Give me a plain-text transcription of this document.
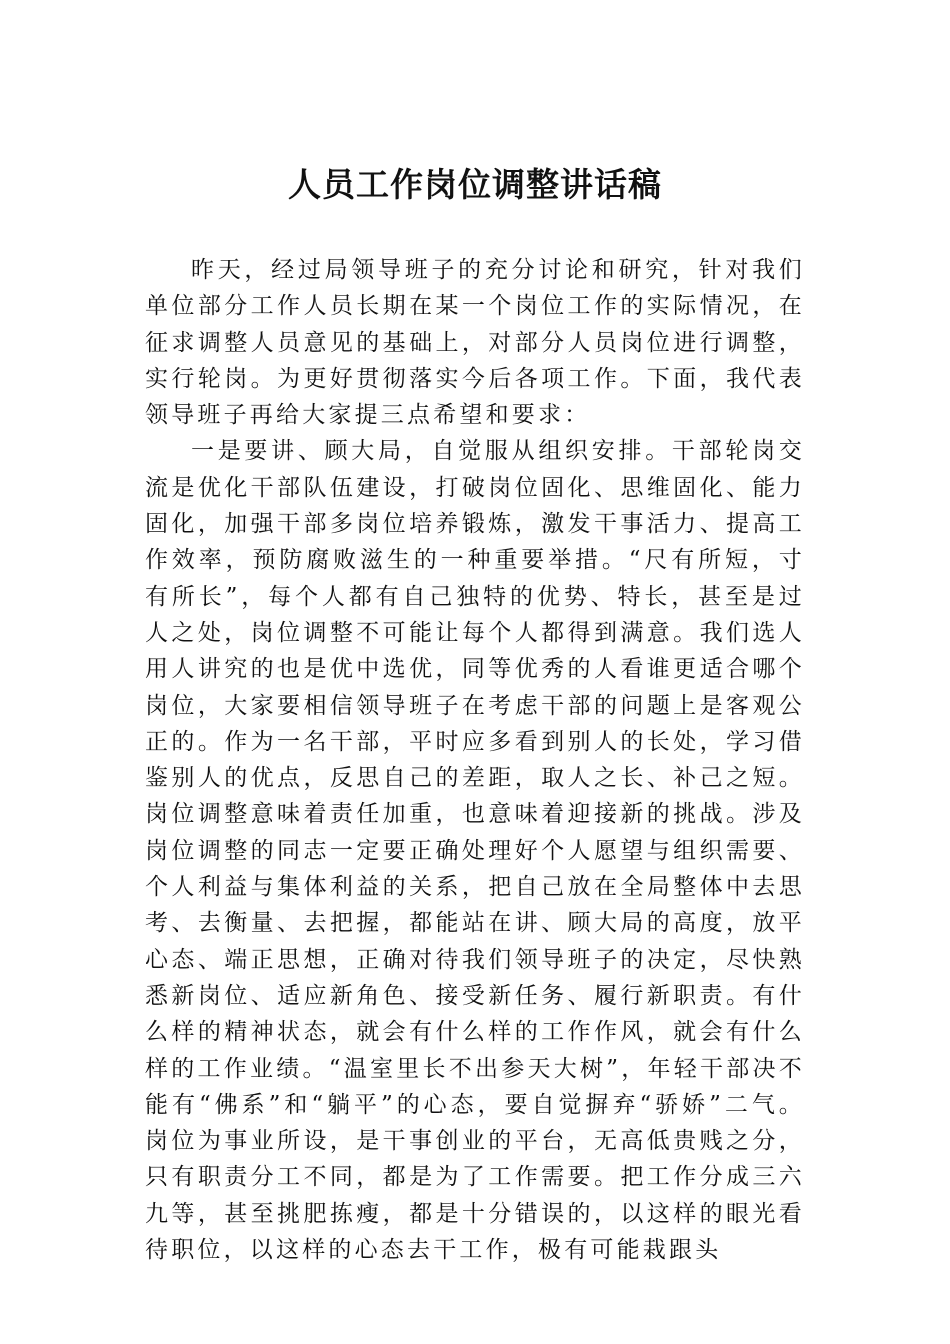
人员工作岗位调整讲话稿

昨天，经过局领导班子的充分讨论和研究，针对我们单位部分工作人员长期在某一个岗位工作的实际情况，在征求调整人员意见的基础上，对部分人员岗位进行调整，实行轮岗。为更好贯彻落实今后各项工作。下面，我代表领导班子再给大家提三点希望和要求：

一是要讲、顾大局，自觉服从组织安排。干部轮岗交流是优化干部队伍建设，打破岗位固化、思维固化、能力固化，加强干部多岗位培养锻炼，激发干事活力、提高工作效率，预防腐败滋生的一种重要举措。“尺有所短，寸有所长”，每个人都有自己独特的优势、特长，甚至是过人之处，岗位调整不可能让每个人都得到满意。我们选人用人讲究的也是优中选优，同等优秀的人看谁更适合哪个岗位，大家要相信领导班子在考虑干部的问题上是客观公正的。作为一名干部，平时应多看到别人的长处，学习借鉴别人的优点，反思自己的差距，取人之长、补己之短。岗位调整意味着责任加重，也意味着迎接新的挑战。涉及岗位调整的同志一定要正确处理好个人愿望与组织需要、个人利益与集体利益的关系，把自己放在全局整体中去思考、去衡量、去把握，都能站在讲、顾大局的高度，放平心态、端正思想，正确对待我们领导班子的决定，尽快熟悉新岗位、适应新角色、接受新任务、履行新职责。有什么样的精神状态，就会有什么样的工作作风，就会有什么样的工作业绩。“温室里长不出参天大树”，年轻干部决不能有“佛系”和“躺平”的心态，要自觉摒弃“骄娇”二气。岗位为事业所设，是干事创业的平台，无高低贵贱之分，只有职责分工不同，都是为了工作需要。把工作分成三六九等，甚至挑肥拣瘦，都是十分错误的，以这样的眼光看待职位，以这样的心态去干工作，极有可能栽跟头
